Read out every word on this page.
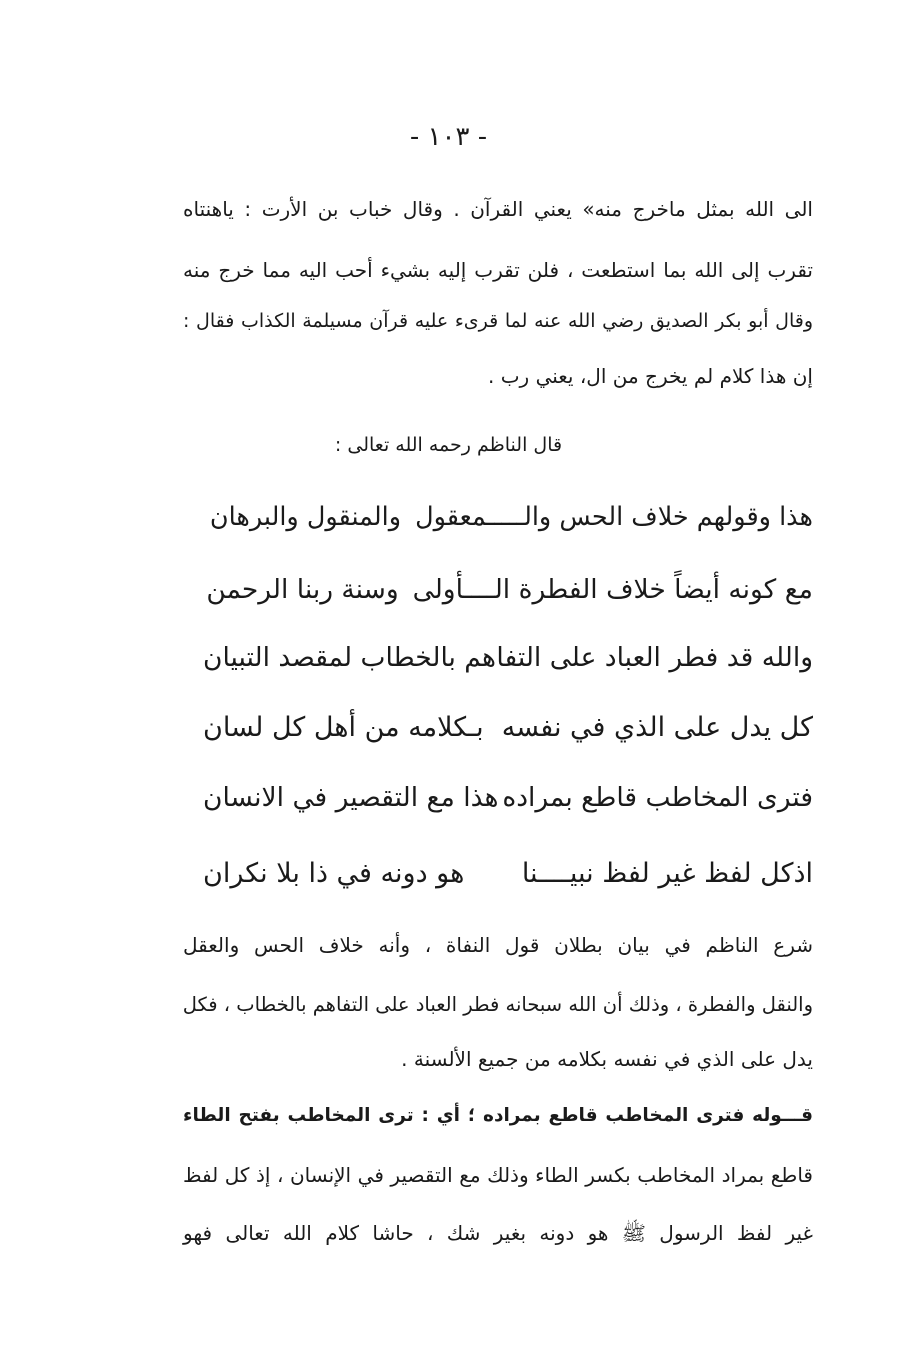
- ١٠٣ -
الى الله بمثل ماخرج منه» يعني القرآن . وقال خباب بن الأرت : ياهنتاه
تقرب إلى الله بما استطعت ، فلن تقرب إليه بشيء أحب اليه مما خرج منه
وقال أبو بكر الصديق رضي الله عنه لما قرىء عليه قرآن مسيلمة الكذاب فقال :
إن هذا كلام لم يخرج من ال، يعني رب .
قال الناظم رحمه الله تعالى :
هذا وقولهم خلاف الحس والـــــمعقول
والمنقول والبرهان
مع كونه أيضاً خلاف الفطرة الــــأولى
وسنة ربنا الرحمن
والله قد فطر العباد على التفا
هم بالخطاب لمقصد التبيان
كل يدل على الذي في نفسه
بـكلامه من أهل كل لسان
فترى المخاطب قاطع بمراده
هذا مع التقصير في الانسان
اذكل لفظ غير لفظ نبيــــنا
هو دونه في ذا بلا نكران
شرع الناظم في بيان بطلان قول النفاة ، وأنه خلاف الحس والعقل
والنقل والفطرة ، وذلك أن الله سبحانه فطر العباد على التفاهم بالخطاب ، فكل
يدل على الذي في نفسه بكلامه من جميع الألسنة .
قـــوله فترى المخاطب قاطع بمراده ؛ أي : ترى المخاطب بفتح الطاء
قاطع بمراد المخاطب بكسر الطاء وذلك مع التقصير في الإنسان ، إذ كل لفظ
غير لفظ الرسول ﷺ هو دونه بغير شك ، حاشا كلام الله تعالى فهو
